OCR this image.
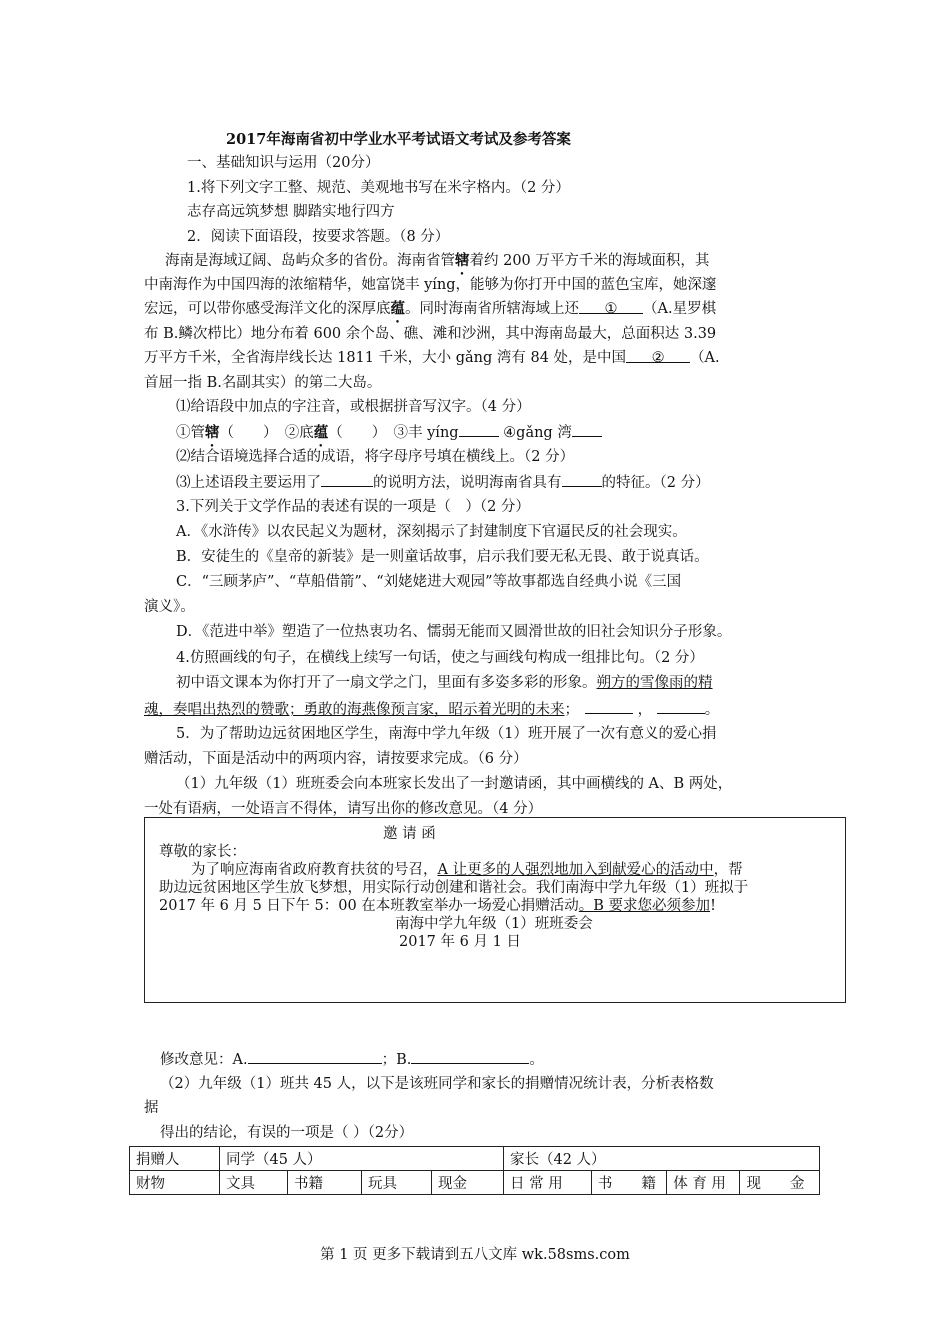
2017年海南省初中学业水平考试语文考试及参考答案
一、基础知识与运用（20分）
1.将下列文字工整、规范、美观地书写在米字格内。（2 分）
志存高远筑梦想 脚踏实地行四方
2．阅读下面语段，按要求答题。（8 分）
海南是海域辽阔、岛屿众多的省份。海南省管辖着约 200 万平方千米的海域面积，其
中南海作为中国四海的浓缩精华，她富饶丰 yíng，能够为你打开中国的蓝色宝库，她深邃
宏远，可以带你感受海洋文化的深厚底蕴。同时海南省所辖海域上还 ① （A.星罗棋
布 B.鳞次栉比）地分布着 600 余个岛、礁、滩和沙洲，其中海南岛最大，总面积达 3.39
万平方千米，全省海岸线长达 1811 千米，大小 gǎng 湾有 84 处，是中国 ② （A.
首屈一指 B.名副其实）的第二大岛。
⑴给语段中加点的字注音，或根据拼音写汉字。（4 分）
①管辖（　　）　②底蕴（　　）　③丰 yíng	④gǎng 湾
⑵结合语境选择合适的成语，将字母序号填在横线上。（2 分）
⑶上述语段主要运用了	的说明方法，说明海南省具有	的特征。（2 分）
3.下列关于文学作品的表述有误的一项是（　）（2 分）
A．《水浒传》以农民起义为题材，深刻揭示了封建制度下官逼民反的社会现实。
B．安徒生的《皇帝的新装》是一则童话故事，启示我们要无私无畏、敢于说真话。
C．“三顾茅庐”、“草船借箭”、“刘姥姥进大观园”等故事都选自经典小说《三国
演义》。
D．《范进中举》塑造了一位热衷功名、懦弱无能而又圆滑世故的旧社会知识分子形象。
4.仿照画线的句子，在横线上续写一句话，使之与画线句构成一组排比句。（2 分）
初中语文课本为你打开了一扇文学之门，里面有多姿多彩的形象。朔方的雪像雨的精
魂，奏唱出热烈的赞歌；勇敢的海燕像预言家，昭示着光明的未来；	，	。
5．为了帮助边远贫困地区学生，南海中学九年级（1）班开展了一次有意义的爱心捐
赠活动，下面是活动中的两项内容，请按要求完成。（6 分）
（1）九年级（1）班班委会向本班家长发出了一封邀请函，其中画横线的 A、B 两处，
一处有语病，一处语言不得体，请写出你的修改意见。（4 分）
邀 请 函
尊敬的家长：
为了响应海南省政府教育扶贫的号召，A 让更多的人强烈地加入到献爱心的活动中，帮
助边远贫困地区学生放飞梦想，用实际行动创建和谐社会。我们南海中学九年级（1）班拟于
2017 年 6 月 5 日下午 5：00 在本班教室举办一场爱心捐赠活动。B 要求您必须参加!
南海中学九年级（1）班班委会
2017 年 6 月 1 日
修改意见：A.	；B.	。
（2）九年级（1）班共 45 人，以下是该班同学和家长的捐赠情况统计表，分析表格数
据
得出的结论，有误的一项是（ ）（2分）
捐赠人	同学（45 人）				家长（42 人）			
财物	文具	书籍	玩具	现金	日 常 用	书　　籍	体 育 用	现　　金
第 1 页 更多下载请到五八文库 wk.58sms.com
